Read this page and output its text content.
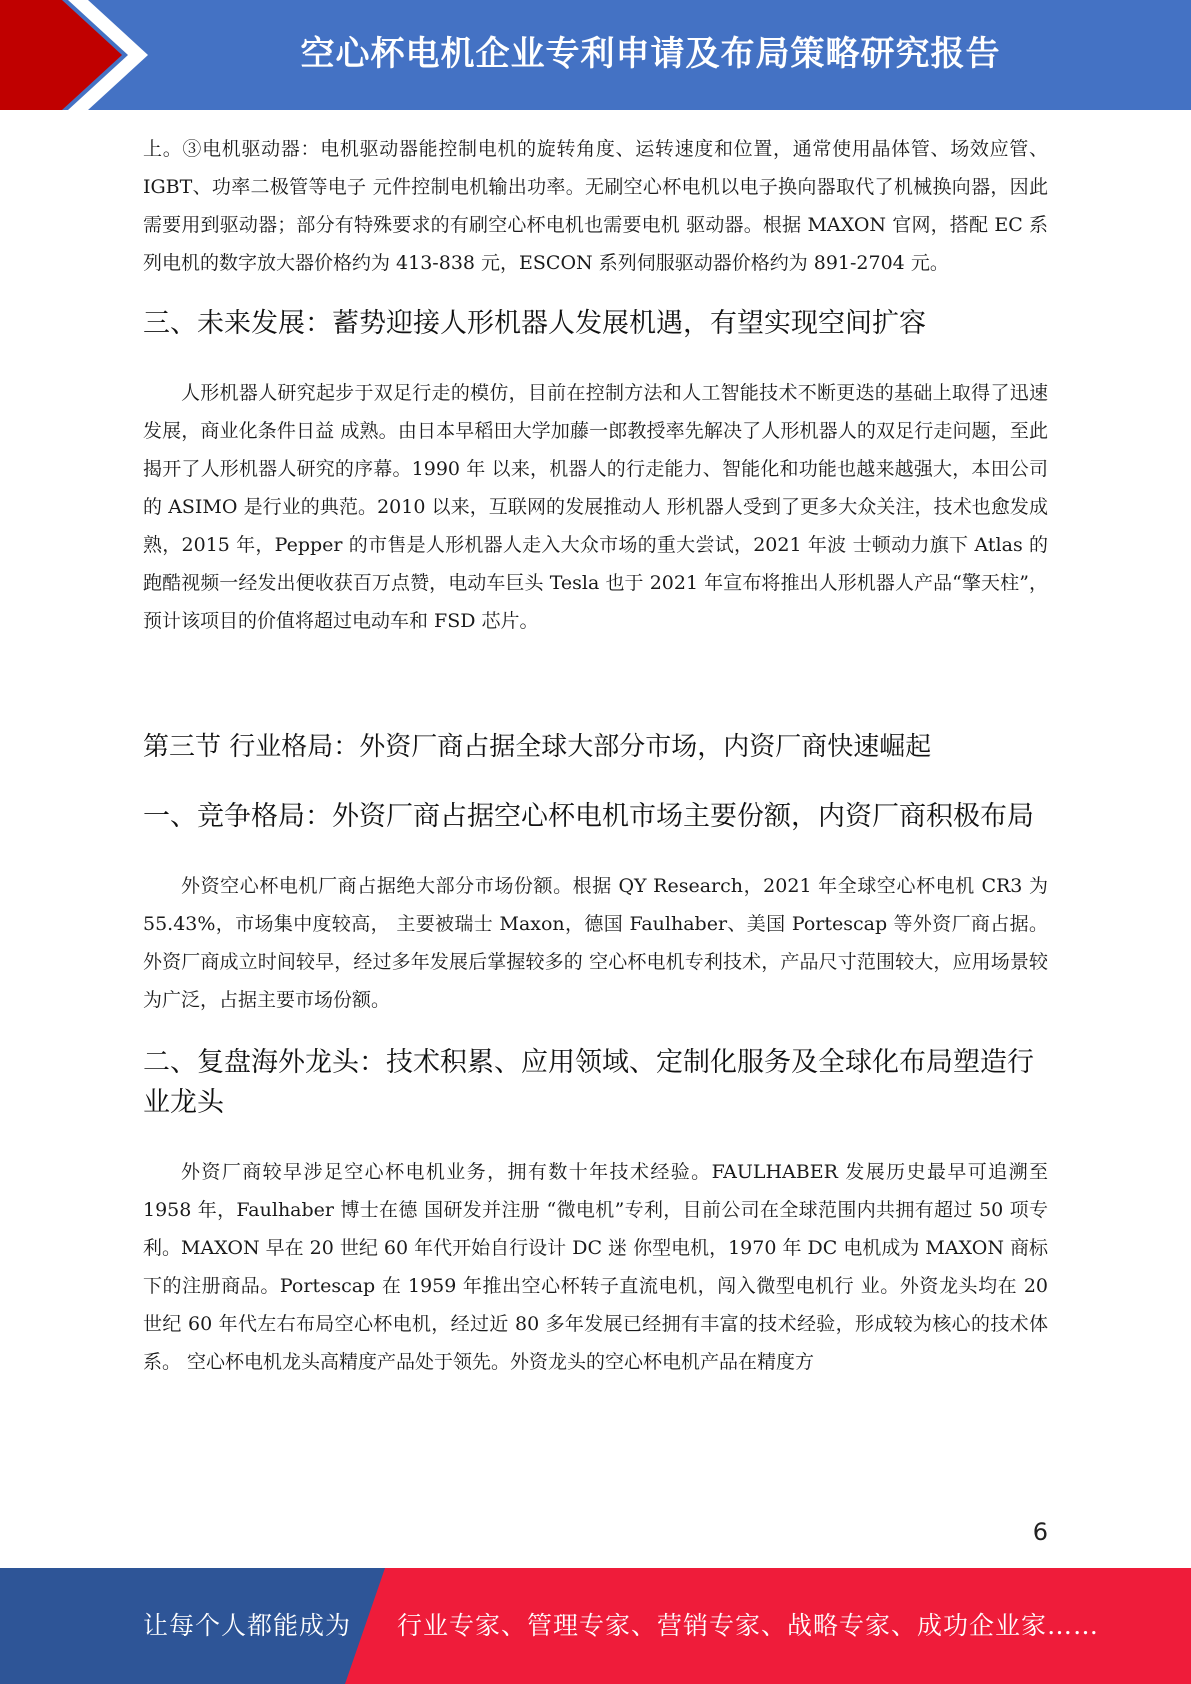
空心杯电机企业专利申请及布局策略研究报告

上。③电机驱动器：电机驱动器能控制电机的旋转角度、运转速度和位置，通常使用晶体管、场效应管、IGBT、功率二极管等电子 元件控制电机输出功率。无刷空心杯电机以电子换向器取代了机械换向器，因此需要用到驱动器；部分有特殊要求的有刷空心杯电机也需要电机 驱动器。根据 MAXON 官网，搭配 EC 系列电机的数字放大器价格约为 413-838 元，ESCON 系列伺服驱动器价格约为 891-2704 元。

三、未来发展：蓄势迎接人形机器人发展机遇，有望实现空间扩容

人形机器人研究起步于双足行走的模仿，目前在控制方法和人工智能技术不断更迭的基础上取得了迅速发展，商业化条件日益 成熟。由日本早稻田大学加藤一郎教授率先解决了人形机器人的双足行走问题，至此揭开了人形机器人研究的序幕。1990 年 以来，机器人的行走能力、智能化和功能也越来越强大，本田公司的 ASIMO 是行业的典范。2010 以来，互联网的发展推动人 形机器人受到了更多大众关注，技术也愈发成熟，2015 年，Pepper 的市售是人形机器人走入大众市场的重大尝试，2021 年波 士顿动力旗下 Atlas 的跑酷视频一经发出便收获百万点赞，电动车巨头 Tesla 也于 2021 年宣布将推出人形机器人产品“擎天柱”， 预计该项目的价值将超过电动车和 FSD 芯片。

第三节 行业格局：外资厂商占据全球大部分市场，内资厂商快速崛起
一、竞争格局：外资厂商占据空心杯电机市场主要份额，内资厂商积极布局

外资空心杯电机厂商占据绝大部分市场份额。根据 QY Research，2021 年全球空心杯电机 CR3 为 55.43%，市场集中度较高， 主要被瑞士 Maxon，德国 Faulhaber、美国 Portescap 等外资厂商占据。外资厂商成立时间较早，经过多年发展后掌握较多的 空心杯电机专利技术，产品尺寸范围较大，应用场景较为广泛，占据主要市场份额。

二、复盘海外龙头：技术积累、应用领域、定制化服务及全球化布局塑造行业龙头

外资厂商较早涉足空心杯电机业务，拥有数十年技术经验。FAULHABER 发展历史最早可追溯至 1958 年，Faulhaber 博士在德 国研发并注册 “微电机”专利，目前公司在全球范围内共拥有超过 50 项专利。MAXON 早在 20 世纪 60 年代开始自行设计 DC 迷 你型电机，1970 年 DC 电机成为 MAXON 商标下的注册商品。Portescap 在 1959 年推出空心杯转子直流电机，闯入微型电机行 业。外资龙头均在 20 世纪 60 年代左右布局空心杯电机，经过近 80 多年发展已经拥有丰富的技术经验，形成较为核心的技术体 系。 空心杯电机龙头高精度产品处于领先。外资龙头的空心杯电机产品在精度方

6
让每个人都能成为 行业专家、管理专家、营销专家、战略专家、成功企业家……
